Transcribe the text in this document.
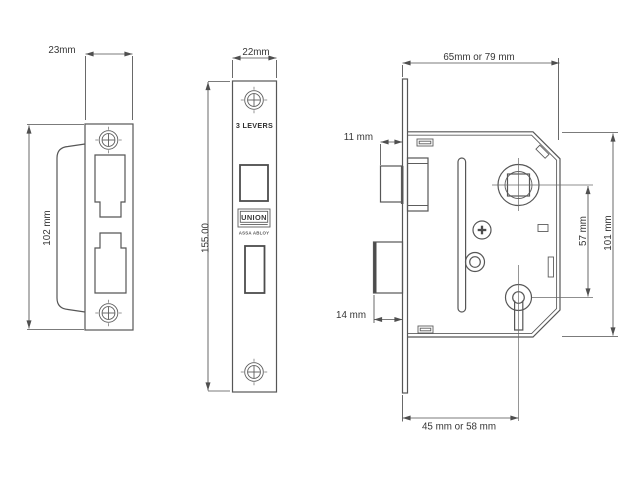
23mm
102 mm
3 LEVERS
UNION
ASSA ABLOY
22mm
155.00
65mm or 79 mm
11 mm
57 mm 101 mm
14 mm
45 mm or 58 mm
